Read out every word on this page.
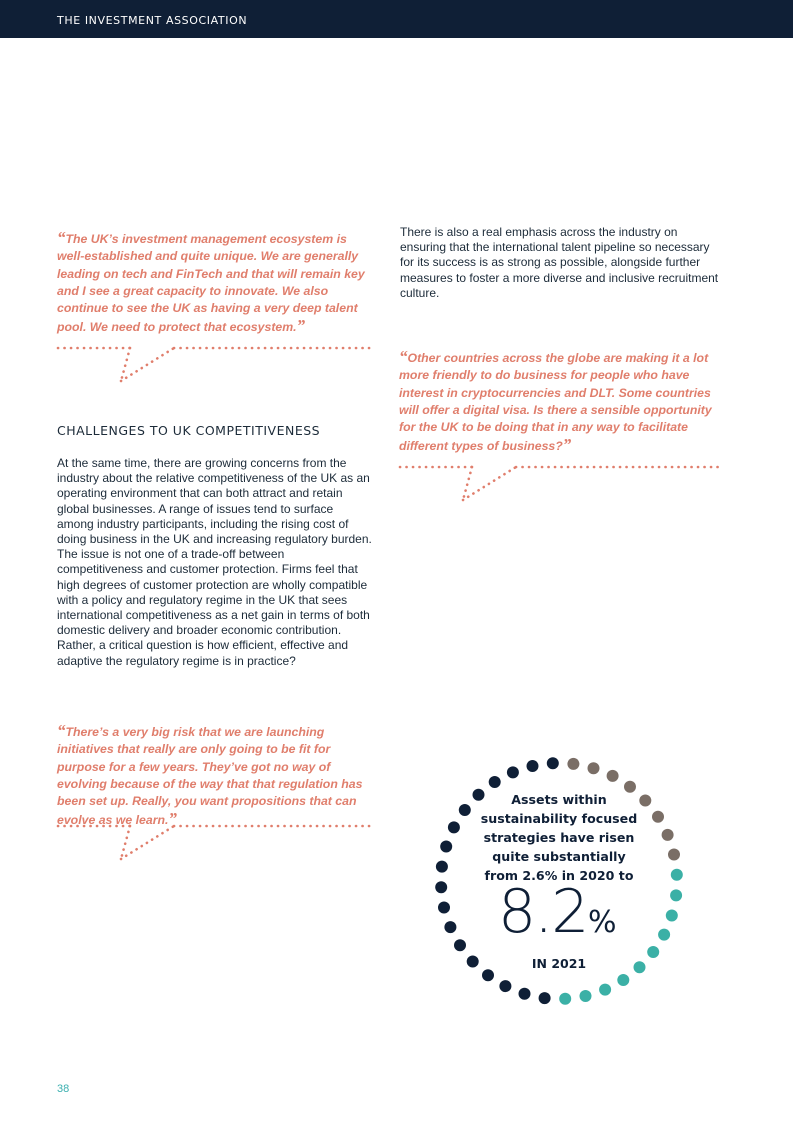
THE INVESTMENT ASSOCIATION
“The UK’s investment management ecosystem is well-established and quite unique. We are generally leading on tech and FinTech and that will remain key and I see a great capacity to innovate. We also continue to see the UK as having a very deep talent pool. We need to protect that ecosystem.”
CHALLENGES TO UK COMPETITIVENESS
At the same time, there are growing concerns from the industry about the relative competitiveness of the UK as an operating environment that can both attract and retain global businesses. A range of issues tend to surface among industry participants, including the rising cost of doing business in the UK and increasing regulatory burden. The issue is not one of a trade-off between competitiveness and customer protection. Firms feel that high degrees of customer protection are wholly compatible with a policy and regulatory regime in the UK that sees international competitiveness as a net gain in terms of both domestic delivery and broader economic contribution. Rather, a critical question is how efficient, effective and adaptive the regulatory regime is in practice?
“There’s a very big risk that we are launching initiatives that really are only going to be fit for purpose for a few years. They’ve got no way of evolving because of the way that that regulation has been set up. Really, you want propositions that can evolve as we learn.”
There is also a real emphasis across the industry on ensuring that the international talent pipeline so necessary for its success is as strong as possible, alongside further measures to foster a more diverse and inclusive recruitment culture.
“Other countries across the globe are making it a lot more friendly to do business for people who have interest in cryptocurrencies and DLT. Some countries will offer a digital visa. Is there a sensible opportunity for the UK to be doing that in any way to facilitate different types of business?”
Assets within sustainability focused strategies have risen quite substantially from 2.6% in 2020 to
8.2 %
IN 2021
38
